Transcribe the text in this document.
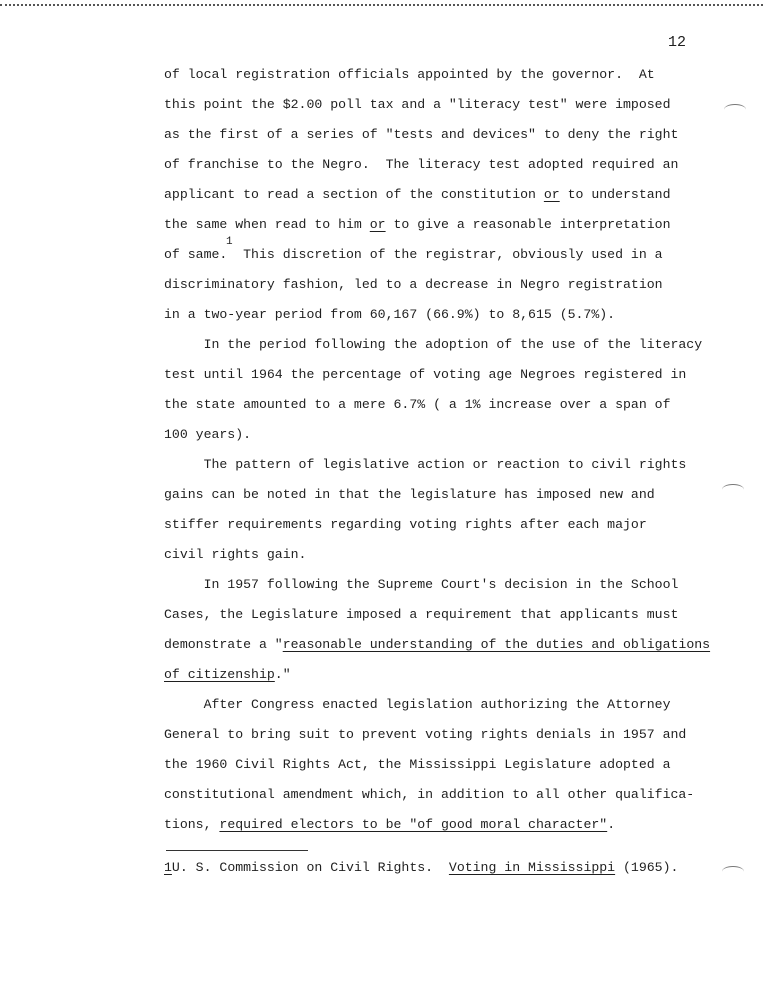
12
of local registration officials appointed by the governor.  At
this point the $2.00 poll tax and a "literacy test" were imposed
as the first of a series of "tests and devices" to deny the right
of franchise to the Negro.  The literacy test adopted required an
applicant to read a section of the constitution or to understand
the same when read to him or to give a reasonable interpretation
of same.  This discretion of the registrar, obviously used in a
discriminatory fashion, led to a decrease in Negro registration
in a two-year period from 60,167 (66.9%) to 8,615 (5.7%).
In the period following the adoption of the use of the literacy
test until 1964 the percentage of voting age Negroes registered in
the state amounted to a mere 6.7% ( a 1% increase over a span of
100 years).
The pattern of legislative action or reaction to civil rights
gains can be noted in that the legislature has imposed new and
stiffer requirements regarding voting rights after each major
civil rights gain.
In 1957 following the Supreme Court's decision in the School
Cases, the Legislature imposed a requirement that applicants must
demonstrate a "reasonable understanding of the duties and obligations
of citizenship."
After Congress enacted legislation authorizing the Attorney
General to bring suit to prevent voting rights denials in 1957 and
the 1960 Civil Rights Act, the Mississippi Legislature adopted a
constitutional amendment which, in addition to all other qualifica-
tions, required electors to be "of good moral character".
1
1U. S. Commission on Civil Rights.  Voting in Mississippi (1965).
